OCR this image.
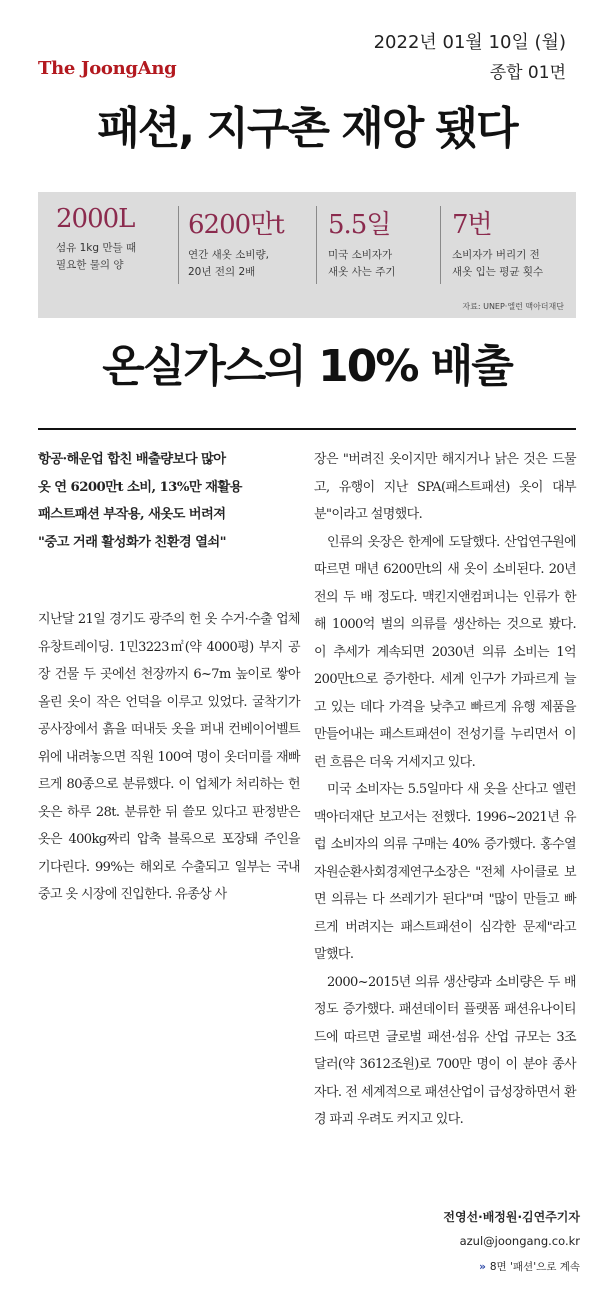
The JoongAng
2022년 01월 10일 (월)
종합 01면
패션, 지구촌 재앙 됐다
2000L
섬유 1kg 만들 때
필요한 물의 양
6200만t
연간 새옷 소비량,
20년 전의 2배
5.5일
미국 소비자가
새옷 사는 주기
7번
소비자가 버리기 전
새옷 입는 평균 횟수
자료: UNEP·엘런 맥아더재단
온실가스의 10% 배출

항공·해운업 합친 배출량보다 많아

옷 연 6200만t 소비, 13%만 재활용

패스트패션 부작용, 새옷도 버려져

"중고 거래 활성화가 친환경 열쇠"

지난달 21일 경기도 광주의 헌 옷 수거·수출 업체 유창트레이딩. 1민3223㎡(약 4000평) 부지 공장 건물 두 곳에선 천장까지 6~7m 높이로 쌓아올린 옷이 작은 언덕을 이루고 있었다. 굴착기가 공사장에서 흙을 떠내듯 옷을 퍼내 컨베이어벨트 위에 내려놓으면 직원 100여 명이 옷더미를 재빠르게 80종으로 분류했다. 이 업체가 처리하는 헌 옷은 하루 28t. 분류한 뒤 쓸모 있다고 판정받은 옷은 400kg짜리 압축 블록으로 포장돼 주인을 기다린다. 99%는 해외로 수출되고 일부는 국내 중고 옷 시장에 진입한다. 유종상 사

장은 "버려진 옷이지만 해지거나 낡은 것은 드물고, 유행이 지난 SPA(패스트패션) 옷이 대부분"이라고 설명했다.

인류의 옷장은 한계에 도달했다. 산업연구원에 따르면 매년 6200만t의 새 옷이 소비된다. 20년 전의 두 배 정도다. 맥킨지앤컴퍼니는 인류가 한 해 1000억 벌의 의류를 생산하는 것으로 봤다. 이 추세가 계속되면 2030년 의류 소비는 1억 200만t으로 증가한다. 세계 인구가 가파르게 늘고 있는 데다 가격을 낮추고 빠르게 유행 제품을 만들어내는 패스트패션이 전성기를 누리면서 이런 흐름은 더욱 거세지고 있다.

미국 소비자는 5.5일마다 새 옷을 산다고 엘런 맥아더재단 보고서는 전했다. 1996~2021년 유럽 소비자의 의류 구매는 40% 증가했다. 홍수열 자원순환사회경제연구소장은 "전체 사이클로 보면 의류는 다 쓰레기가 된다"며 "많이 만들고 빠르게 버려지는 패스트패션이 심각한 문제"라고 말했다.

2000~2015년 의류 생산량과 소비량은 두 배 정도 증가했다. 패션데이터 플랫폼 패션유나이티드에 따르면 글로벌 패션·섬유 산업 규모는 3조 달러(약 3612조원)로 700만 명이 이 분야 종사자다. 전 세계적으로 패션산업이 급성장하면서 환경 파괴 우려도 커지고 있다.

전영선·배정원·김연주기자
azul@joongang.co.kr
» 8면 '패션'으로 계속
